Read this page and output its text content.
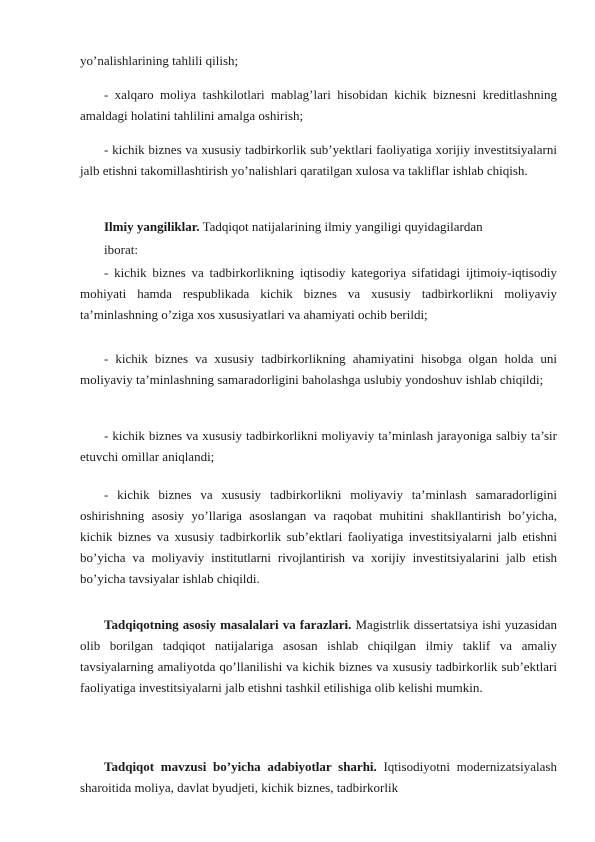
yo’nalishlarining tahlili qilish;

- xalqaro moliya tashkilotlari mablag’lari hisobidan kichik biznesni kreditlashning amaldagi holatini tahlilini amalga oshirish;

- kichik biznes va xususiy tadbirkorlik sub’yektlari faoliyatiga xorijiy investitsiyalarni jalb etishni takomillashtirish yo’nalishlari qaratilgan xulosa va takliflar ishlab chiqish.

Ilmiy yangiliklar. Tadqiqot natijalarining ilmiy yangiligi quyidagilardan

iborat:

- kichik biznes va tadbirkorlikning iqtisodiy kategoriya sifatidagi ijtimoiy-iqtisodiy mohiyati hamda respublikada kichik biznes va xususiy tadbirkorlikni moliyaviy ta’minlashning o’ziga xos xususiyatlari va ahamiyati ochib berildi;

- kichik biznes va xususiy tadbirkorlikning ahamiyatini hisobga olgan holda uni moliyaviy ta’minlashning samaradorligini baholashga uslubiy yondoshuv ishlab chiqildi;

- kichik biznes va xususiy tadbirkorlikni moliyaviy ta’minlash jarayoniga salbiy ta’sir etuvchi omillar aniqlandi;

- kichik biznes va xususiy tadbirkorlikni moliyaviy ta’minlash samaradorligini oshirishning asosiy yo’llariga asoslangan va raqobat muhitini shakllantirish bo’yicha, kichik biznes va xususiy tadbirkorlik sub’ektlari faoliyatiga investitsiyalarni jalb etishni bo’yicha va moliyaviy institutlarni rivojlantirish va xorijiy investitsiyalarini jalb etish bo’yicha tavsiyalar ishlab chiqildi.

Tadqiqotning asosiy masalalari va farazlari. Magistrlik dissertatsiya ishi yuzasidan olib borilgan tadqiqot natijalariga asosan ishlab chiqilgan ilmiy taklif va amaliy tavsiyalarning amaliyotda qo’llanilishi va kichik biznes va xususiy tadbirkorlik sub’ektlari faoliyatiga investitsiyalarni jalb etishni tashkil etilishiga olib kelishi mumkin.

Tadqiqot mavzusi bo’yicha adabiyotlar sharhi. Iqtisodiyotni modernizatsiyalash sharoitida moliya, davlat byudjeti, kichik biznes, tadbirkorlik
